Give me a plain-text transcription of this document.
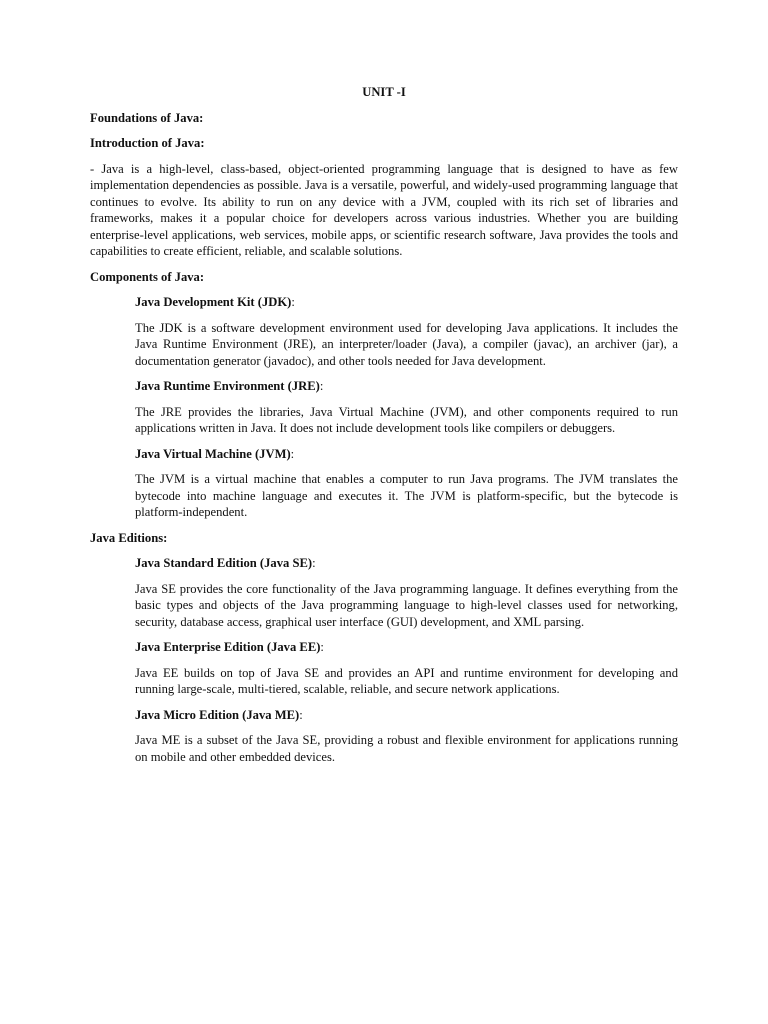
UNIT -I
Foundations of Java:
Introduction of Java:

- Java is a high-level, class-based, object-oriented programming language that is designed to have as few implementation dependencies as possible. Java is a versatile, powerful, and widely-used programming language that continues to evolve. Its ability to run on any device with a JVM, coupled with its rich set of libraries and frameworks, makes it a popular choice for developers across various industries. Whether you are building enterprise-level applications, web services, mobile apps, or scientific research software, Java provides the tools and capabilities to create efficient, reliable, and scalable solutions.

Components of Java:
Java Development Kit (JDK):

The JDK is a software development environment used for developing Java applications. It includes the Java Runtime Environment (JRE), an interpreter/loader (Java), a compiler (javac), an archiver (jar), a documentation generator (javadoc), and other tools needed for Java development.

Java Runtime Environment (JRE):

The JRE provides the libraries, Java Virtual Machine (JVM), and other components required to run applications written in Java. It does not include development tools like compilers or debuggers.

Java Virtual Machine (JVM):

The JVM is a virtual machine that enables a computer to run Java programs. The JVM translates the bytecode into machine language and executes it. The JVM is platform-specific, but the bytecode is platform-independent.

Java Editions:
Java Standard Edition (Java SE):

Java SE provides the core functionality of the Java programming language. It defines everything from the basic types and objects of the Java programming language to high-level classes used for networking, security, database access, graphical user interface (GUI) development, and XML parsing.

Java Enterprise Edition (Java EE):

Java EE builds on top of Java SE and provides an API and runtime environment for developing and running large-scale, multi-tiered, scalable, reliable, and secure network applications.

Java Micro Edition (Java ME):

Java ME is a subset of the Java SE, providing a robust and flexible environment for applications running on mobile and other embedded devices.
